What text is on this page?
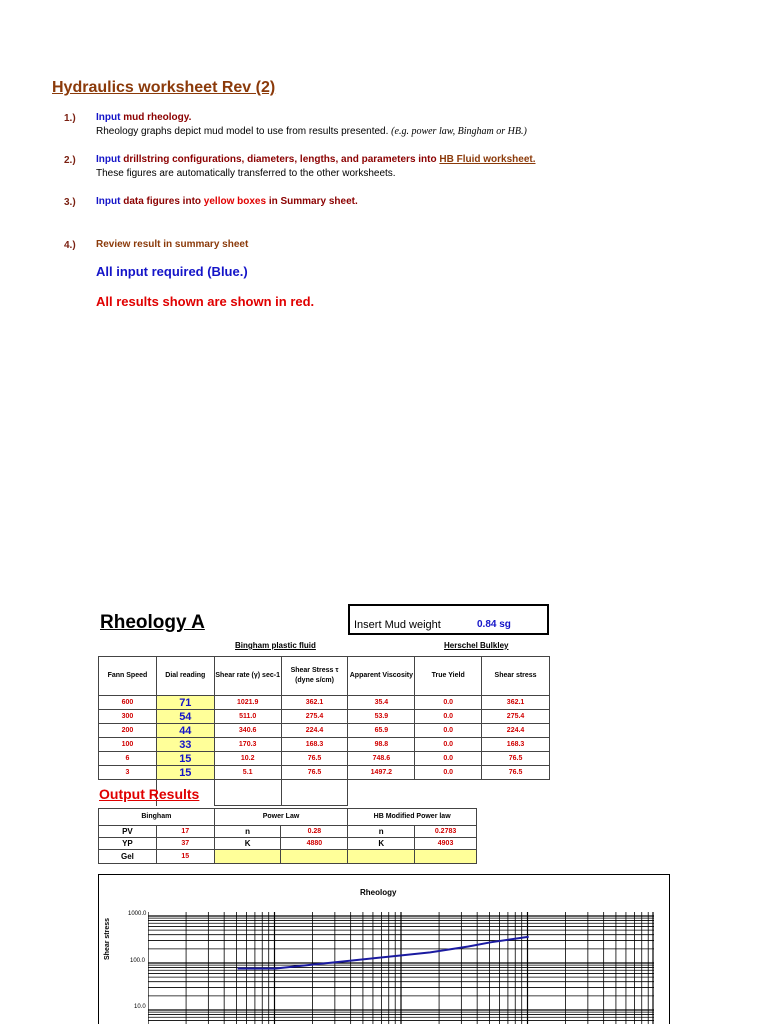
Hydraulics worksheet Rev (2)
1.) Input mud rheology.
Rheology graphs depict mud model to use from results presented. (e.g. power law, Bingham or HB.)
2.) Input drillstring configurations, diameters, lengths, and parameters into HB Fluid worksheet.
These figures are automatically transferred to the other worksheets.
3.) Input data figures into yellow boxes in Summary sheet.
4.) Review result in summary sheet
All input required (Blue.)
All results shown are shown in red.
Rheology A	Insert Mud weight	0.84 sg
Bingham plastic fluid	Herschel Bulkley
Fann Speed	Dial reading	Shear rate (γ) sec-1	Shear Stress τ (dyne s/cm)	Apparent Viscosity	True Yield	Shear stress
600	71	1021.9	362.1	35.4	0.0	362.1
300	54	511.0	275.4	53.9	0.0	275.4
200	44	340.6	224.4	65.9	0.0	224.4
100	33	170.3	168.3	98.8	0.0	168.3
6	15	10.2	76.5	748.6	0.0	76.5
3	15	5.1	76.5	1497.2	0.0	76.5

Output Results
Bingham		Power Law		HB Modified Power law	
PV	17	n	0.28	n	0.2783
YP	37	K	4880	K	4903
Gel	15				
Rheology
Shear stress
1000.0
100.0
10.0
